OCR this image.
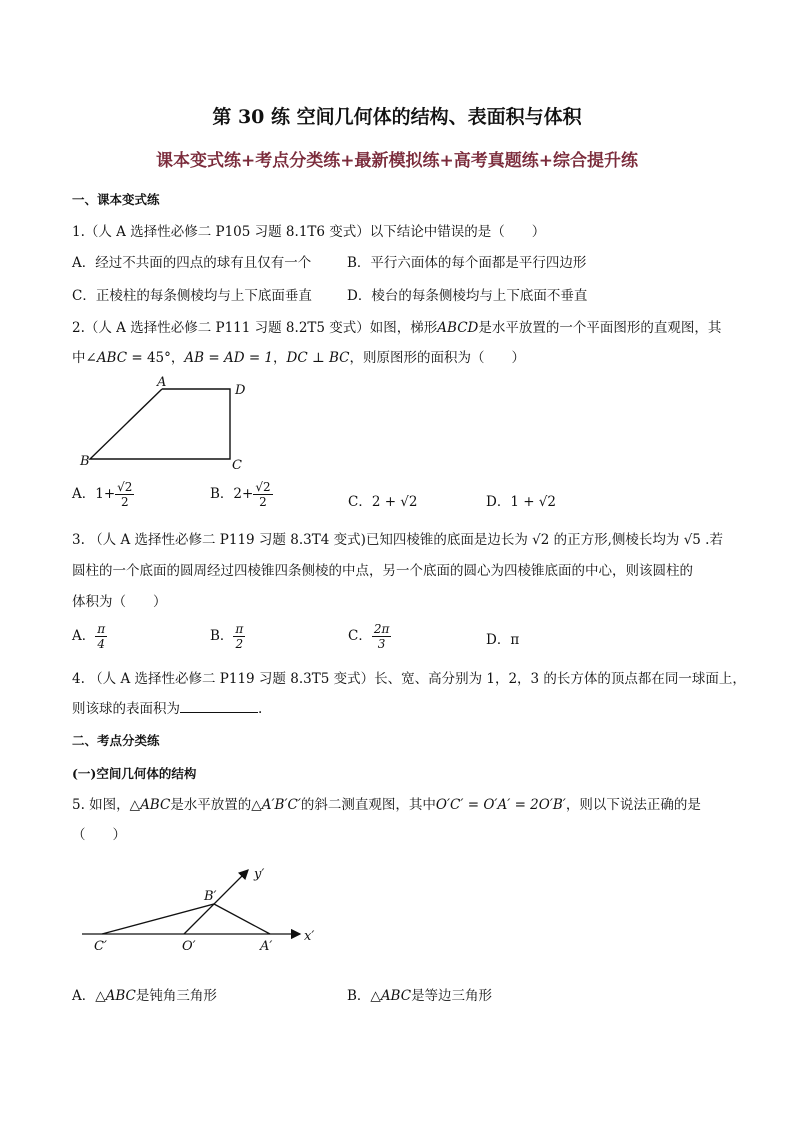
第 30 练 空间几何体的结构、表面积与体积
课本变式练+考点分类练+最新模拟练+高考真题练+综合提升练
一、课本变式练
1.（人 A 选择性必修二 P105 习题 8.1T6 变式）以下结论中错误的是（　　）
A．经过不共面的四点的球有且仅有一个	B．平行六面体的每个面都是平行四边形
C．正棱柱的每条侧棱均与上下底面垂直	D．棱台的每条侧棱均与上下底面不垂直
2.（人 A 选择性必修二 P111 习题 8.2T5 变式）如图，梯形ABCD是水平放置的一个平面图形的直观图，其
中∠ABC = 45°，AB = AD = 1，DC ⊥ BC，则原图形的面积为（　　）
A
D
B	C
A．$1+ \frac{√2}{2}$	B．$2+ \frac{√2}{2}$	C．2 + √2	D．1 + √2
3. （人 A 选择性必修二 P119 习题 8.3T4 变式)已知四棱锥的底面是边长为 √2 的正方形,侧棱长均为 √5 .若
圆柱的一个底面的圆周经过四棱锥四条侧棱的中点，另一个底面的圆心为四棱锥底面的中心，则该圆柱的
体积为（　　）
A． $\frac{\pi}{4}$	B． $\frac{\pi}{2}$	C． $\frac{2\pi}{3}$	D．π
4. （人 A 选择性必修二 P119 习题 8.3T5 变式）长、宽、高分别为 1，2，3 的长方体的顶点都在同一球面上，
则该球的表面积为	.
二、考点分类练
(一)空间几何体的结构
5. 如图，△ABC是水平放置的△A′B′C′的斜二测直观图，其中O′C′ = O′A′ = 2O′B′，则以下说法正确的是
（　　）
y′
x′
B′
C′	O′	A′
A．△ABC是钝角三角形	B．△ABC是等边三角形
